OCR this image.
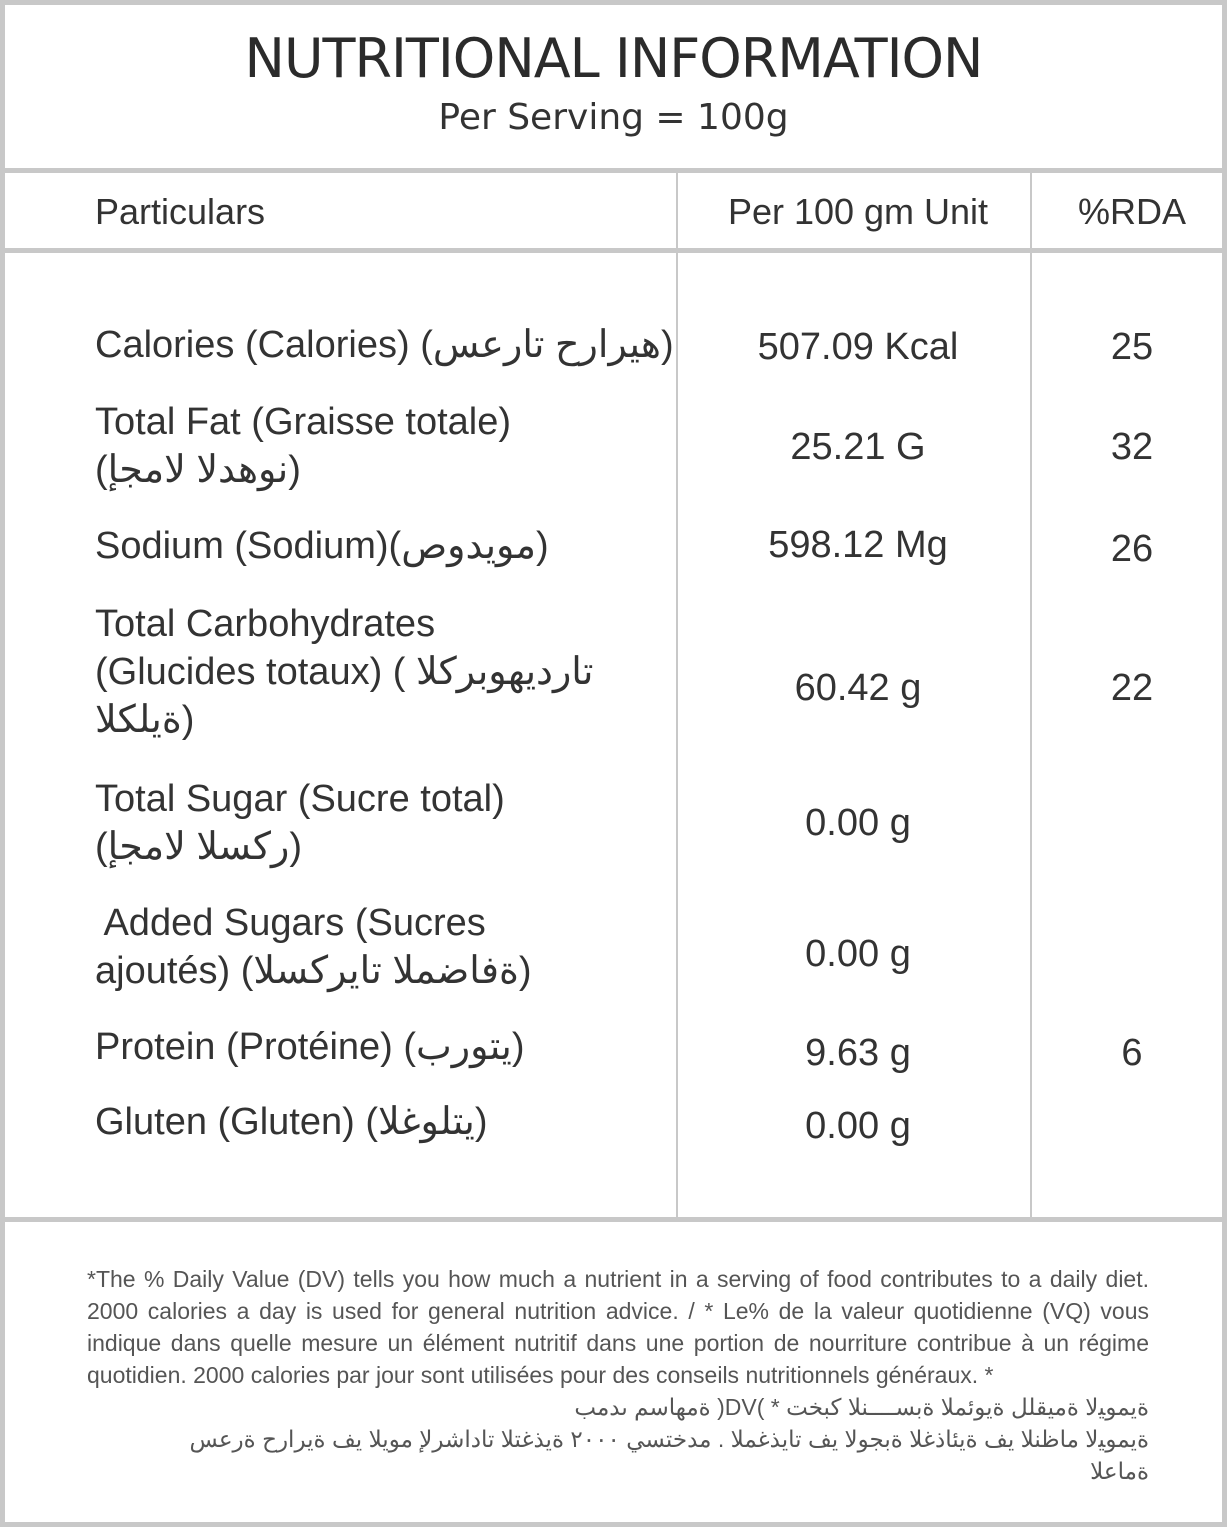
NUTRITIONAL INFORMATION
Per Serving = 100g
Particulars	Per 100 gm Unit	%RDA
Calories (Calories) (هيرارح تارعس)	507.09 Kcal	25
Total Fat (Graisse totale)
(نوهدلا لامجإ)
25.21 G	32
Sodium (Sodium)(مويدوص)	598.12 Mg	26
Total Carbohydrates
(Glucides totaux) ( تارديهوبركلا
ةيلكلا)
60.42 g	22
Total Sugar (Sucre total)
(ركسلا لامجإ)
0.00 g
Added Sugars (Sucres
ajoutés) (ةفاضملا تايركسلا)	0.00 g
Protein (Protéine) (يتورب)	9.63 g	6
Gluten (Gluten) (يتلوغلا)	0.00 g
*The % Daily Value (DV) tells you how much a nutrient in a serving of food contributes to a daily diet. 2000 calories a day is used for general nutrition advice. / * Le% de la valeur quotidienne (VQ) vous indique dans quelle mesure un élément nutritif dans une portion de nourriture contribue à un régime quotidien. 2000 calories par jour sont utilisées pour des conseils nutritionnels généraux. *
ةيموﻴلا ةميقلل ةيوئملا ةبســــنلا كبخت * )DV( ةمهاسم ىدمب
ةيموﻴلا ماظنلا يف ةيئاذغلا ةبجولا يف تايذغملا . مدختسي ٢٠٠٠ ةيذغتلا تاداشرلإ مويلا يف ةيرارح ةرعس
ةماعلا
